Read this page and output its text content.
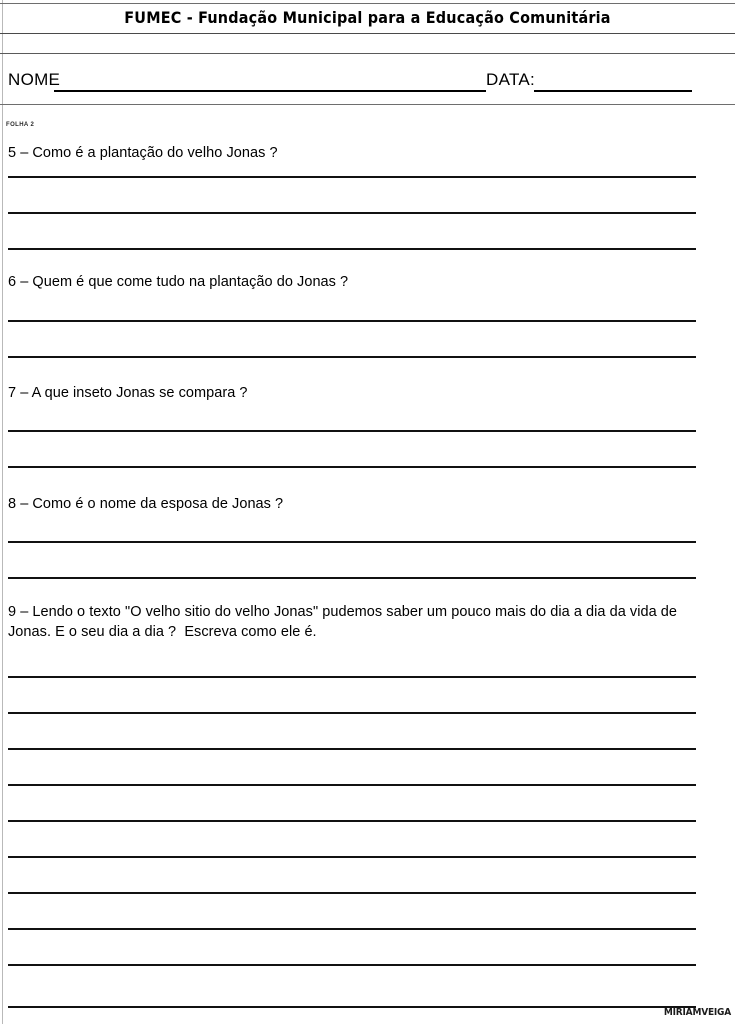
FUMEC - Fundação Municipal para a Educação Comunitária
NOME	DATA:
FOLHA 2
5 – Como é a plantação do velho Jonas ?
6 – Quem é que come tudo na plantação do Jonas ?
7 – A que inseto Jonas se compara ?
8 – Como é o nome da esposa de Jonas ?
9 – Lendo o texto "O velho sitio do velho Jonas" pudemos saber um pouco mais do dia a dia da vida de Jonas. E o seu dia a dia ?  Escreva como ele é.
MIRIAMVEIGA
